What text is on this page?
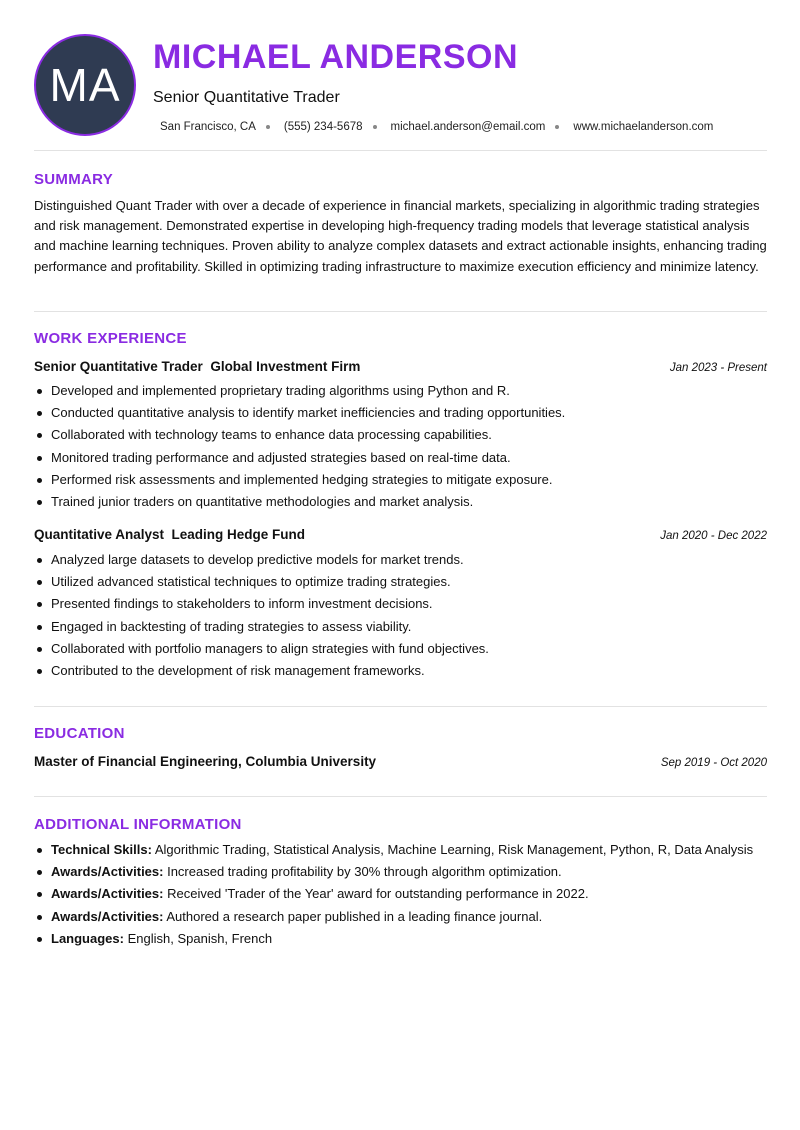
MA
MICHAEL ANDERSON
Senior Quantitative Trader
San Francisco, CA (555) 234-5678 michael.anderson@email.com www.michaelanderson.com
SUMMARY
Distinguished Quant Trader with over a decade of experience in financial markets, specializing in algorithmic trading strategies and risk management. Demonstrated expertise in developing high-frequency trading models that leverage statistical analysis and machine learning techniques. Proven ability to analyze complex datasets and extract actionable insights, enhancing trading performance and profitability. Skilled in optimizing trading infrastructure to maximize execution efficiency and minimize latency.
WORK EXPERIENCE
Senior Quantitative Trader Global Investment Firm	Jan 2023 - Present
Developed and implemented proprietary trading algorithms using Python and R.
Conducted quantitative analysis to identify market inefficiencies and trading opportunities.
Collaborated with technology teams to enhance data processing capabilities.
Monitored trading performance and adjusted strategies based on real-time data.
Performed risk assessments and implemented hedging strategies to mitigate exposure.
Trained junior traders on quantitative methodologies and market analysis.
Quantitative Analyst Leading Hedge Fund	Jan 2020 - Dec 2022
Analyzed large datasets to develop predictive models for market trends.
Utilized advanced statistical techniques to optimize trading strategies.
Presented findings to stakeholders to inform investment decisions.
Engaged in backtesting of trading strategies to assess viability.
Collaborated with portfolio managers to align strategies with fund objectives.
Contributed to the development of risk management frameworks.
EDUCATION
Master of Financial Engineering, Columbia University	Sep 2019 - Oct 2020
ADDITIONAL INFORMATION
Technical Skills: Algorithmic Trading, Statistical Analysis, Machine Learning, Risk Management, Python, R, Data Analysis
Awards/Activities: Increased trading profitability by 30% through algorithm optimization.
Awards/Activities: Received 'Trader of the Year' award for outstanding performance in 2022.
Awards/Activities: Authored a research paper published in a leading finance journal.
Languages: English, Spanish, French
